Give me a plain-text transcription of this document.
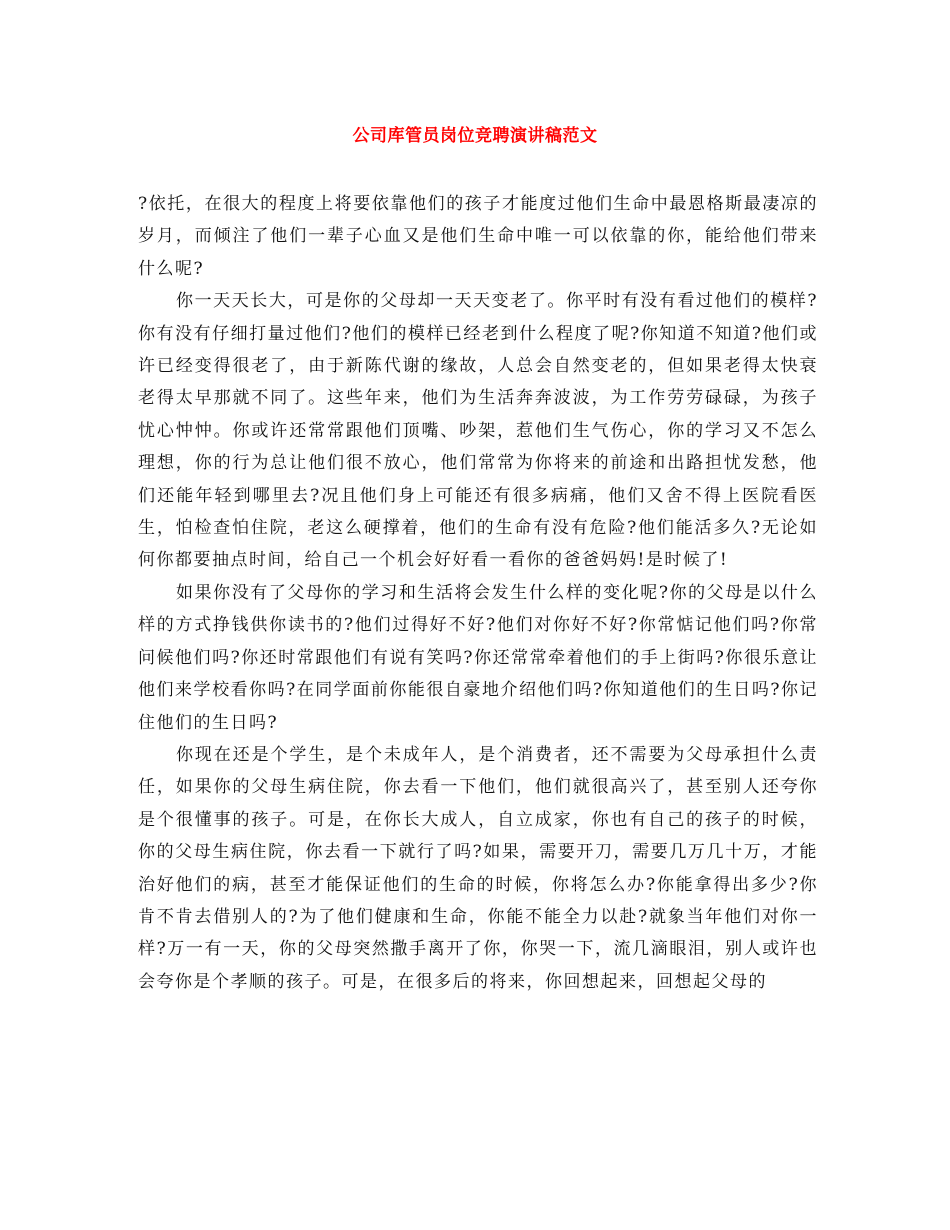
公司库管员岗位竞聘演讲稿范文

?依托，在很大的程度上将要依靠他们的孩子才能度过他们生命中最恩格斯最凄凉的岁月，而倾注了他们一辈子心血又是他们生命中唯一可以依靠的你，能给他们带来什么呢?

你一天天长大，可是你的父母却一天天变老了。你平时有没有看过他们的模样?你有没有仔细打量过他们?他们的模样已经老到什么程度了呢?你知道不知道?他们或许已经变得很老了，由于新陈代谢的缘故，人总会自然变老的，但如果老得太快衰老得太早那就不同了。这些年来，他们为生活奔奔波波，为工作劳劳碌碌，为孩子忧心忡忡。你或许还常常跟他们顶嘴、吵架，惹他们生气伤心，你的学习又不怎么理想，你的行为总让他们很不放心，他们常常为你将来的前途和出路担忧发愁，他们还能年轻到哪里去?况且他们身上可能还有很多病痛，他们又舍不得上医院看医生，怕检查怕住院，老这么硬撑着，他们的生命有没有危险?他们能活多久?无论如何你都要抽点时间，给自己一个机会好好看一看你的爸爸妈妈!是时候了!

如果你没有了父母你的学习和生活将会发生什么样的变化呢?你的父母是以什么样的方式挣钱供你读书的?他们过得好不好?他们对你好不好?你常惦记他们吗?你常问候他们吗?你还时常跟他们有说有笑吗?你还常常牵着他们的手上街吗?你很乐意让他们来学校看你吗?在同学面前你能很自豪地介绍他们吗?你知道他们的生日吗?你记住他们的生日吗?

你现在还是个学生，是个未成年人，是个消费者，还不需要为父母承担什么责任，如果你的父母生病住院，你去看一下他们，他们就很高兴了，甚至别人还夸你是个很懂事的孩子。可是，在你长大成人，自立成家，你也有自己的孩子的时候，你的父母生病住院，你去看一下就行了吗?如果，需要开刀，需要几万几十万，才能治好他们的病，甚至才能保证他们的生命的时候，你将怎么办?你能拿得出多少?你肯不肯去借别人的?为了他们健康和生命，你能不能全力以赴?就象当年他们对你一样?万一有一天，你的父母突然撒手离开了你，你哭一下，流几滴眼泪，别人或许也会夸你是个孝顺的孩子。可是，在很多后的将来，你回想起来，回想起父母的
